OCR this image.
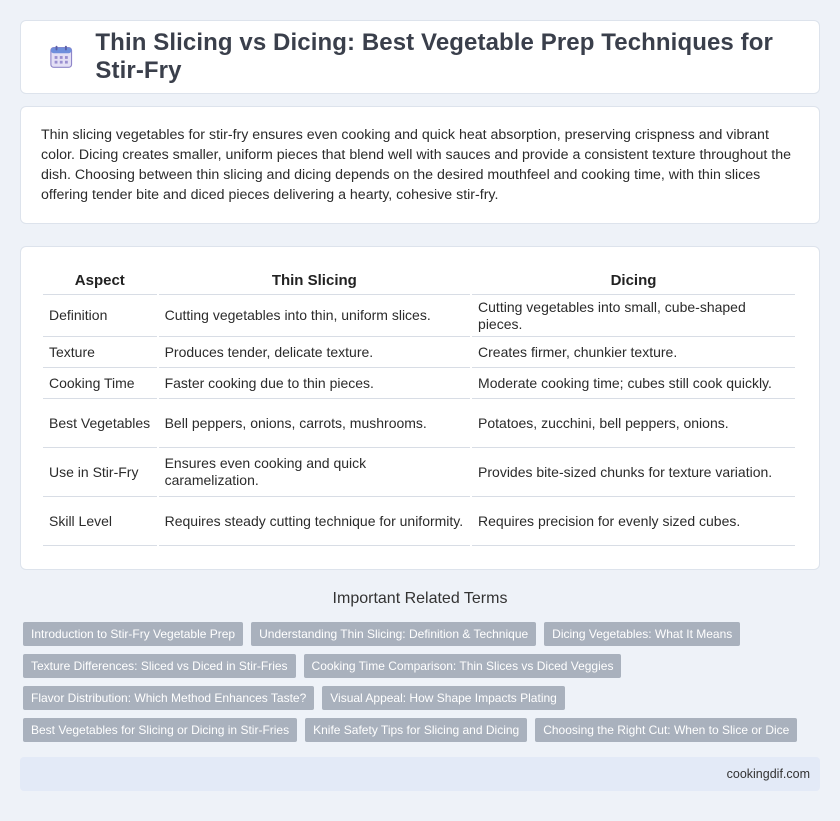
Thin Slicing vs Dicing: Best Vegetable Prep Techniques for Stir-Fry

Thin slicing vegetables for stir-fry ensures even cooking and quick heat absorption, preserving crispness and vibrant color. Dicing creates smaller, uniform pieces that blend well with sauces and provide a consistent texture throughout the dish. Choosing between thin slicing and dicing depends on the desired mouthfeel and cooking time, with thin slices offering tender bite and diced pieces delivering a hearty, cohesive stir-fry.

Aspect	Thin Slicing	Dicing
Definition	Cutting vegetables into thin, uniform slices.	Cutting vegetables into small, cube-shaped pieces.
Texture	Produces tender, delicate texture.	Creates firmer, chunkier texture.
Cooking Time	Faster cooking due to thin pieces.	Moderate cooking time; cubes still cook quickly.
Best Vegetables	Bell peppers, onions, carrots, mushrooms.	Potatoes, zucchini, bell peppers, onions.
Use in Stir-Fry	Ensures even cooking and quick caramelization.	Provides bite-sized chunks for texture variation.
Skill Level	Requires steady cutting technique for uniformity.	Requires precision for evenly sized cubes.
Important Related Terms
Introduction to Stir-Fry Vegetable Prep	Understanding Thin Slicing: Definition & Technique	Dicing Vegetables: What It Means
Texture Differences: Sliced vs Diced in Stir-Fries	Cooking Time Comparison: Thin Slices vs Diced Veggies
Flavor Distribution: Which Method Enhances Taste?	Visual Appeal: How Shape Impacts Plating
Best Vegetables for Slicing or Dicing in Stir-Fries	Knife Safety Tips for Slicing and Dicing	Choosing the Right Cut: When to Slice or Dice
cookingdif.com
